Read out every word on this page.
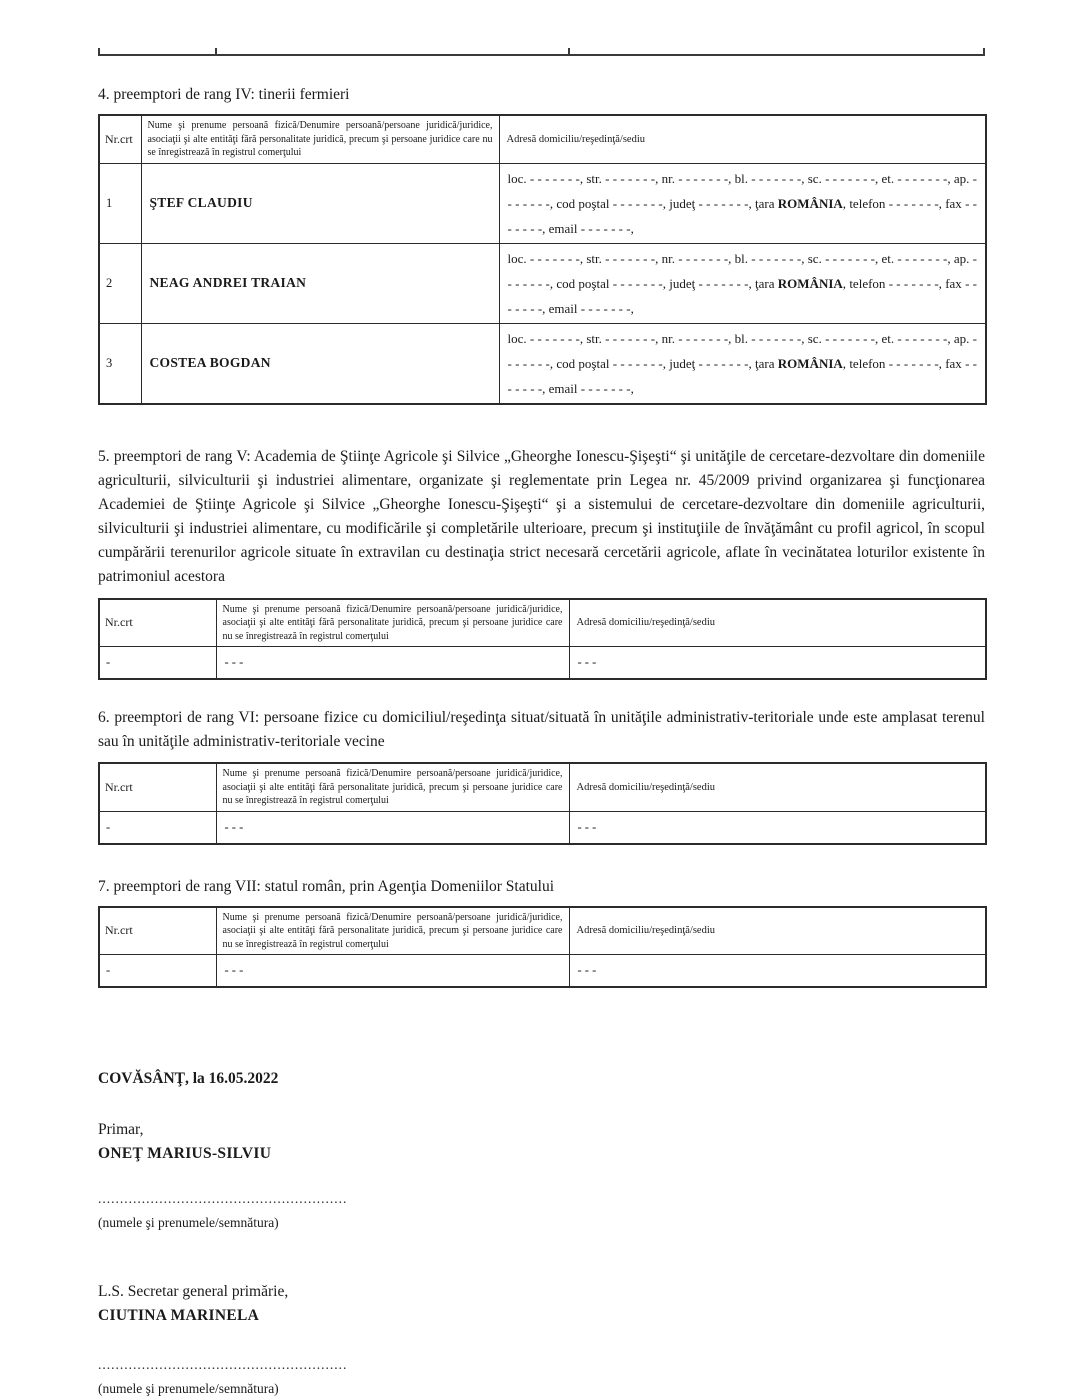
4. preemptori de rang IV: tinerii fermieri
Nr.crt	Nume şi prenume persoană fizică/Denumire persoană/persoane juridică/juridice, asociaţii şi alte entităţi fără personalitate juridică, precum şi persoane juridice care nu se înregistrează în registrul comerţului	Adresă domiciliu/reşedinţă/sediu
1	ŞTEF CLAUDIU	loc. - - - - - - -, str. - - - - - - -, nr. - - - - - - -, bl. - - - - - - -, sc. - - - - - - -, et. - - - - - - -, ap. - - - - - - -, cod poştal - - - - - - -, judeţ - - - - - - -, ţara ROMÂNIA, telefon - - - - - - -, fax - - - - - - -, email - - - - - - -,
2	NEAG ANDREI TRAIAN	loc. - - - - - - -, str. - - - - - - -, nr. - - - - - - -, bl. - - - - - - -, sc. - - - - - - -, et. - - - - - - -, ap. - - - - - - -, cod poştal - - - - - - -, judeţ - - - - - - -, ţara ROMÂNIA, telefon - - - - - - -, fax - - - - - - -, email - - - - - - -,
3	COSTEA BOGDAN	loc. - - - - - - -, str. - - - - - - -, nr. - - - - - - -, bl. - - - - - - -, sc. - - - - - - -, et. - - - - - - -, ap. - - - - - - -, cod poştal - - - - - - -, judeţ - - - - - - -, ţara ROMÂNIA, telefon - - - - - - -, fax - - - - - - -, email - - - - - - -,
5. preemptori de rang V: Academia de Ştiinţe Agricole şi Silvice „Gheorghe Ionescu-Şişeşti“ şi unităţile de cercetare-dezvoltare din domeniile agriculturii, silviculturii şi industriei alimentare, organizate şi reglementate prin Legea nr. 45/2009 privind organizarea şi funcţionarea Academiei de Ştiinţe Agricole şi Silvice „Gheorghe Ionescu-Şişeşti“ şi a sistemului de cercetare-dezvoltare din domeniile agriculturii, silviculturii şi industriei alimentare, cu modificările şi completările ulterioare, precum şi instituţiile de învăţământ cu profil agricol, în scopul cumpărării terenurilor agricole situate în extravilan cu destinaţia strict necesară cercetării agricole, aflate în vecinătatea loturilor existente în patrimoniul acestora
Nr.crt	Nume şi prenume persoană fizică/Denumire persoană/persoane juridică/juridice, asociaţii şi alte entităţi fără personalitate juridică, precum şi persoane juridice care nu se înregistrează în registrul comerţului	Adresă domiciliu/reşedinţă/sediu
-	- - -	- - -
6. preemptori de rang VI: persoane fizice cu domiciliul/reşedinţa situat/situată în unităţile administrativ-teritoriale unde este amplasat terenul sau în unităţile administrativ-teritoriale vecine
Nr.crt	Nume şi prenume persoană fizică/Denumire persoană/persoane juridică/juridice, asociaţii şi alte entităţi fără personalitate juridică, precum şi persoane juridice care nu se înregistrează în registrul comerţului	Adresă domiciliu/reşedinţă/sediu
-	- - -	- - -
7. preemptori de rang VII: statul român, prin Agenţia Domeniilor Statului
Nr.crt	Nume şi prenume persoană fizică/Denumire persoană/persoane juridică/juridice, asociaţii şi alte entităţi fără personalitate juridică, precum şi persoane juridice care nu se înregistrează în registrul comerţului	Adresă domiciliu/reşedinţă/sediu
-	- - -	- - -
COVĂSÂNŢ, la 16.05.2022
Primar,
ONEŢ MARIUS-SILVIU
.........................................................
(numele şi prenumele/semnătura)
L.S. Secretar general primărie,
CIUTINA MARINELA
.........................................................
(numele şi prenumele/semnătura)
